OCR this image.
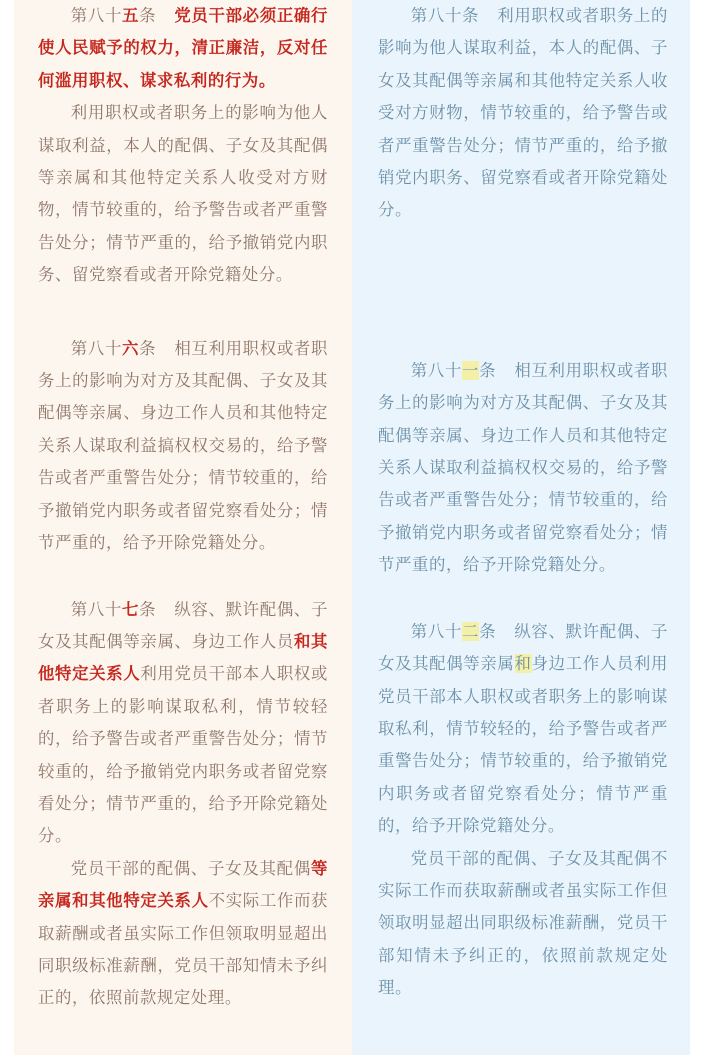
第八十五条 党员干部必须正确行使人民赋予的权力，清正廉洁，反对任何滥用职权、谋求私利的行为。

利用职权或者职务上的影响为他人谋取利益，本人的配偶、子女及其配偶等亲属和其他特定关系人收受对方财物，情节较重的，给予警告或者严重警告处分；情节严重的，给予撤销党内职务、留党察看或者开除党籍处分。

第八十六条 相互利用职权或者职务上的影响为对方及其配偶、子女及其配偶等亲属、身边工作人员和其他特定关系人谋取利益搞权权交易的，给予警告或者严重警告处分；情节较重的，给予撤销党内职务或者留党察看处分；情节严重的，给予开除党籍处分。

第八十七条 纵容、默许配偶、子女及其配偶等亲属、身边工作人员和其他特定关系人利用党员干部本人职权或者职务上的影响谋取私利，情节较轻的，给予警告或者严重警告处分；情节较重的，给予撤销党内职务或者留党察看处分；情节严重的，给予开除党籍处分。

党员干部的配偶、子女及其配偶等亲属和其他特定关系人不实际工作而获取薪酬或者虽实际工作但领取明显超出同职级标准薪酬，党员干部知情未予纠正的，依照前款规定处理。

第八十条 利用职权或者职务上的影响为他人谋取利益，本人的配偶、子女及其配偶等亲属和其他特定关系人收受对方财物，情节较重的，给予警告或者严重警告处分；情节严重的，给予撤销党内职务、留党察看或者开除党籍处分。

第八十一条 相互利用职权或者职务上的影响为对方及其配偶、子女及其配偶等亲属、身边工作人员和其他特定关系人谋取利益搞权权交易的，给予警告或者严重警告处分；情节较重的，给予撤销党内职务或者留党察看处分；情节严重的，给予开除党籍处分。

第八十二条 纵容、默许配偶、子女及其配偶等亲属和身边工作人员利用党员干部本人职权或者职务上的影响谋取私利，情节较轻的，给予警告或者严重警告处分；情节较重的，给予撤销党内职务或者留党察看处分；情节严重的，给予开除党籍处分。

党员干部的配偶、子女及其配偶不实际工作而获取薪酬或者虽实际工作但领取明显超出同职级标准薪酬，党员干部知情未予纠正的，依照前款规定处理。
